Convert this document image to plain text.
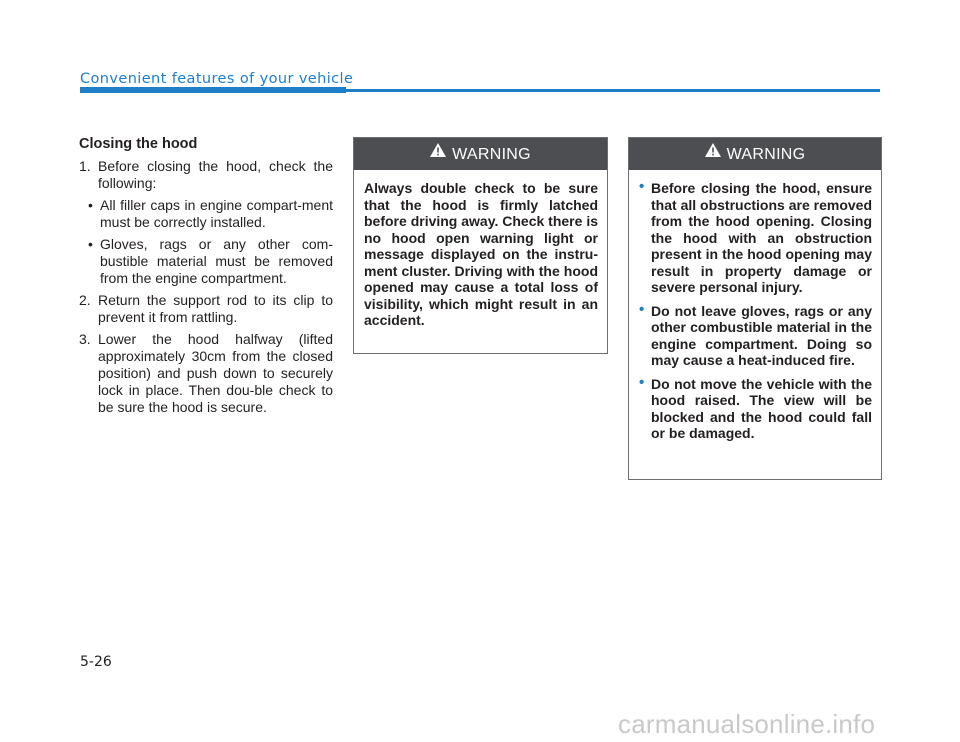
Convenient features of your vehicle
Closing the hood
1. Before closing the hood, check the following:
• All filler caps in engine compart-ment must be correctly installed.
• Gloves, rags or any other com-bustible material must be removed from the engine compartment.
2. Return the support rod to its clip to prevent it from rattling.
3. Lower the hood halfway (lifted approximately 30cm from the closed position) and push down to securely lock in place. Then dou-ble check to be sure the hood is secure.
WARNING
Always double check to be sure that the hood is firmly latched before driving away. Check there is no hood open warning light or message displayed on the instru-ment cluster. Driving with the hood opened may cause a total loss of visibility, which might result in an accident.
WARNING
• Before closing the hood, ensure that all obstructions are removed from the hood opening. Closing the hood with an obstruction present in the hood opening may result in property damage or severe personal injury.
• Do not leave gloves, rags or any other combustible material in the engine compartment. Doing so may cause a heat-induced fire.
• Do not move the vehicle with the hood raised. The view will be blocked and the hood could fall or be damaged.
5-26
carmanualsonline.info
